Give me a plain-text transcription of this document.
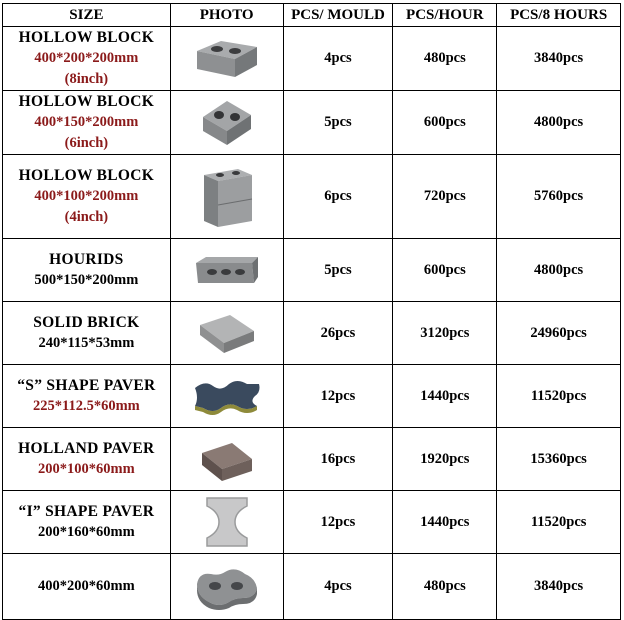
SIZE	PHOTO	PCS/ MOULD	PCS/HOUR	PCS/8 HOURS

HOLLOW BLOCK
400*200*200mm
(8inch)		4pcs	480pcs	3840pcs

HOLLOW BLOCK
400*150*200mm
(6inch)		5pcs	600pcs	4800pcs

HOLLOW BLOCK
400*100*200mm
(4inch)		6pcs	720pcs	5760pcs

HOURIDS
500*150*200mm		5pcs	600pcs	4800pcs

SOLID BRICK
240*115*53mm		26pcs	3120pcs	24960pcs

“S” SHAPE PAVER
225*112.5*60mm		12pcs	1440pcs	11520pcs

HOLLAND PAVER
200*100*60mm		16pcs	1920pcs	15360pcs

“I” SHAPE PAVER
200*160*60mm		12pcs	1440pcs	11520pcs

400*200*60mm		4pcs	480pcs	3840pcs
